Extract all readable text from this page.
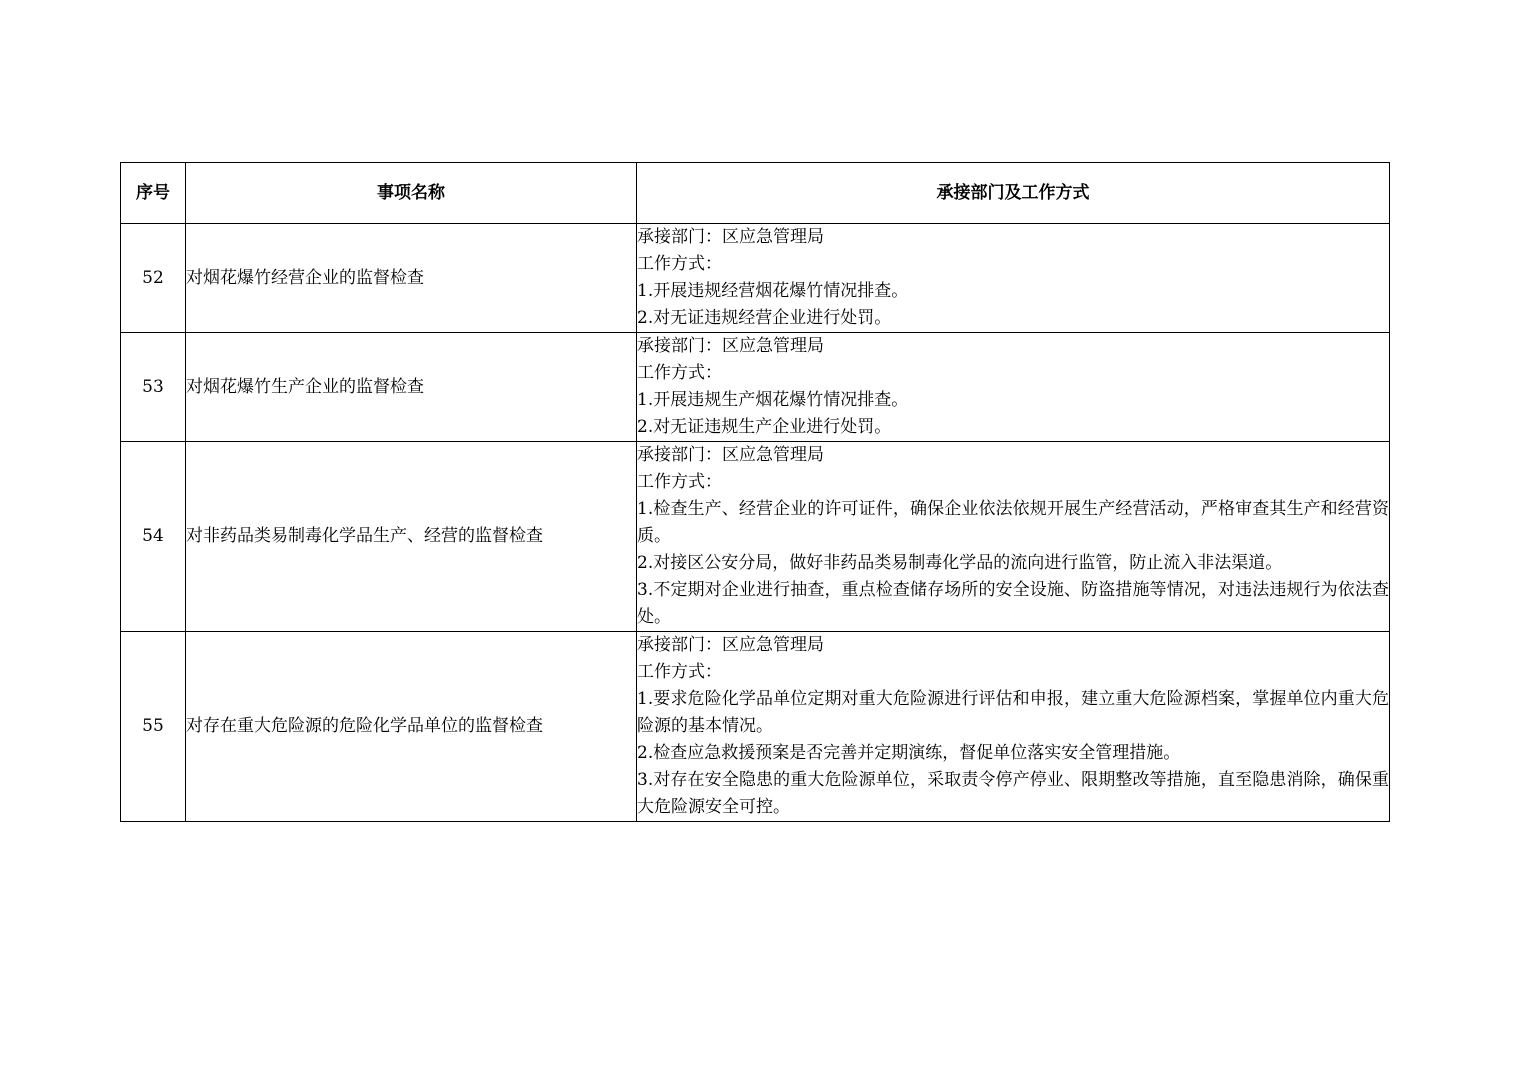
序号	事项名称	承接部门及工作方式
52	对烟花爆竹经营企业的监督检查	承接部门：区应急管理局
工作方式：
1.开展违规经营烟花爆竹情况排查。
2.对无证违规经营企业进行处罚。

53	对烟花爆竹生产企业的监督检查	承接部门：区应急管理局
工作方式：
1.开展违规生产烟花爆竹情况排查。
2.对无证违规生产企业进行处罚。

54	对非药品类易制毒化学品生产、经营的监督检查	承接部门：区应急管理局
工作方式：
1.检查生产、经营企业的许可证件，确保企业依法依规开展生产经营活动，严格审查其生产和经营资质。
2.对接区公安分局，做好非药品类易制毒化学品的流向进行监管，防止流入非法渠道。
3.不定期对企业进行抽查，重点检查储存场所的安全设施、防盗措施等情况，对违法违规行为依法查处。

55	对存在重大危险源的危险化学品单位的监督检查	承接部门：区应急管理局
工作方式：
1.要求危险化学品单位定期对重大危险源进行评估和申报，建立重大危险源档案，掌握单位内重大危险源的基本情况。
2.检查应急救援预案是否完善并定期演练，督促单位落实安全管理措施。
3.对存在安全隐患的重大危险源单位，采取责令停产停业、限期整改等措施，直至隐患消除，确保重大危险源安全可控。
